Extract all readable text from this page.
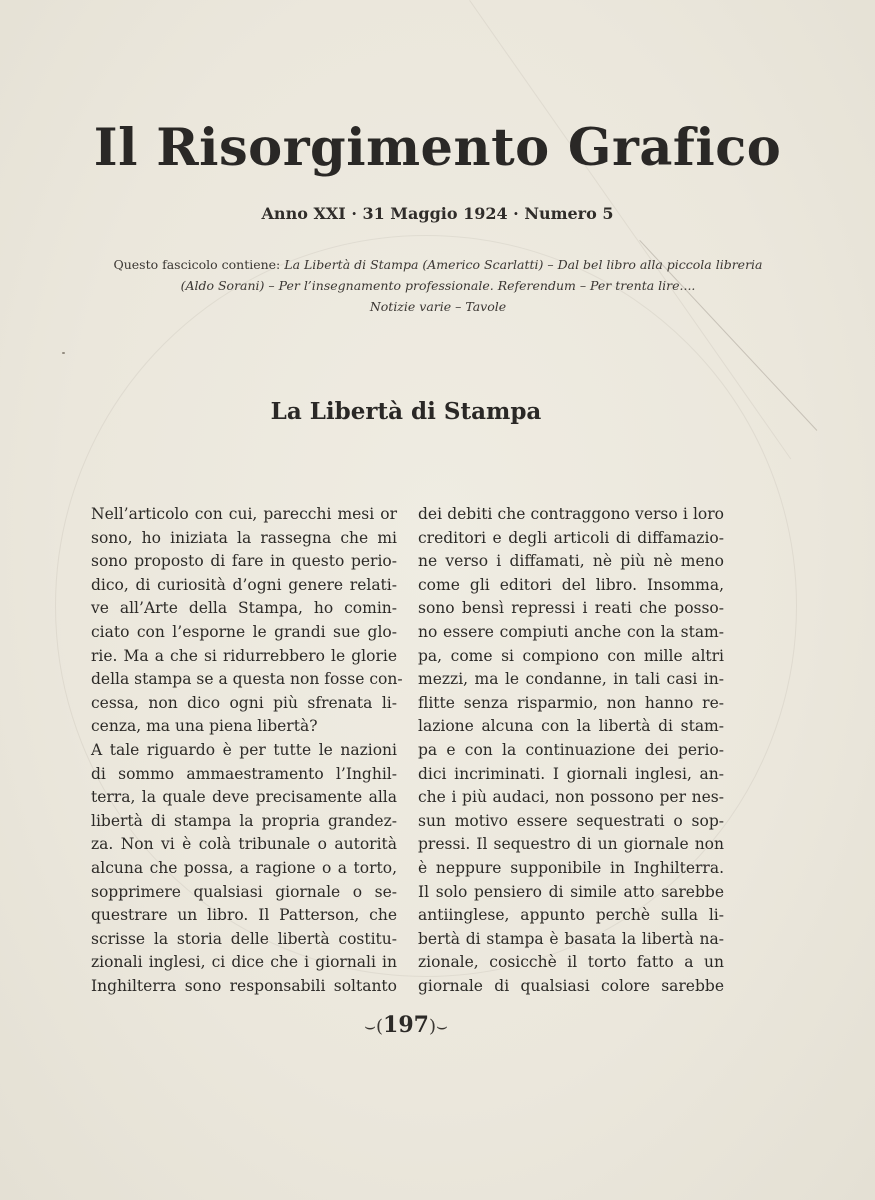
Il Risorgimento Grafico
Anno XXI · 31 Maggio 1924 · Numero 5
Questo fascicolo contiene: La Libertà di Stampa (Americo Scarlatti) – Dal bel libro alla piccola libreria
(Aldo Sorani) – Per l’insegnamento professionale. Referendum – Per trenta lire....
Notizie varie – Tavole
La Libertà di Stampa
Nell’articolo con cui, parecchi mesi or
sono, ho iniziata la rassegna che mi
sono proposto di fare in questo perio-
dico, di curiosità d’ogni genere relati-
ve all’Arte della Stampa, ho comin-
ciato con l’esporne le grandi sue glo-
rie. Ma a che si ridurrebbero le glorie
della stampa se a questa non fosse con-
cessa, non dico ogni più sfrenata li-
cenza, ma una piena libertà?
A tale riguardo è per tutte le nazioni
di sommo ammaestramento l’Inghil-
terra, la quale deve precisamente alla
libertà di stampa la propria grandez-
za. Non vi è colà tribunale o autorità
alcuna che possa, a ragione o a torto,
sopprimere qualsiasi giornale o se-
questrare un libro. Il Patterson, che
scrisse la storia delle libertà costitu-
zionali inglesi, ci dice che i giornali in
Inghilterra sono responsabili soltanto
dei debiti che contraggono verso i loro
creditori e degli articoli di diffamazio-
ne verso i diffamati, nè più nè meno
come gli editori del libro. Insomma,
sono bensì repressi i reati che posso-
no essere compiuti anche con la stam-
pa, come si compiono con mille altri
mezzi, ma le condanne, in tali casi in-
flitte senza risparmio, non hanno re-
lazione alcuna con la libertà di stam-
pa e con la continuazione dei perio-
dici incriminati. I giornali inglesi, an-
che i più audaci, non possono per nes-
sun motivo essere sequestrati o sop-
pressi. Il sequestro di un giornale non
è neppure supponibile in Inghilterra.
Il solo pensiero di simile atto sarebbe
antiinglese, appunto perchè sulla li-
bertà di stampa è basata la libertà na-
zionale, cosicchè il torto fatto a un
giornale di qualsiasi colore sarebbe
⌣(197)⌣
